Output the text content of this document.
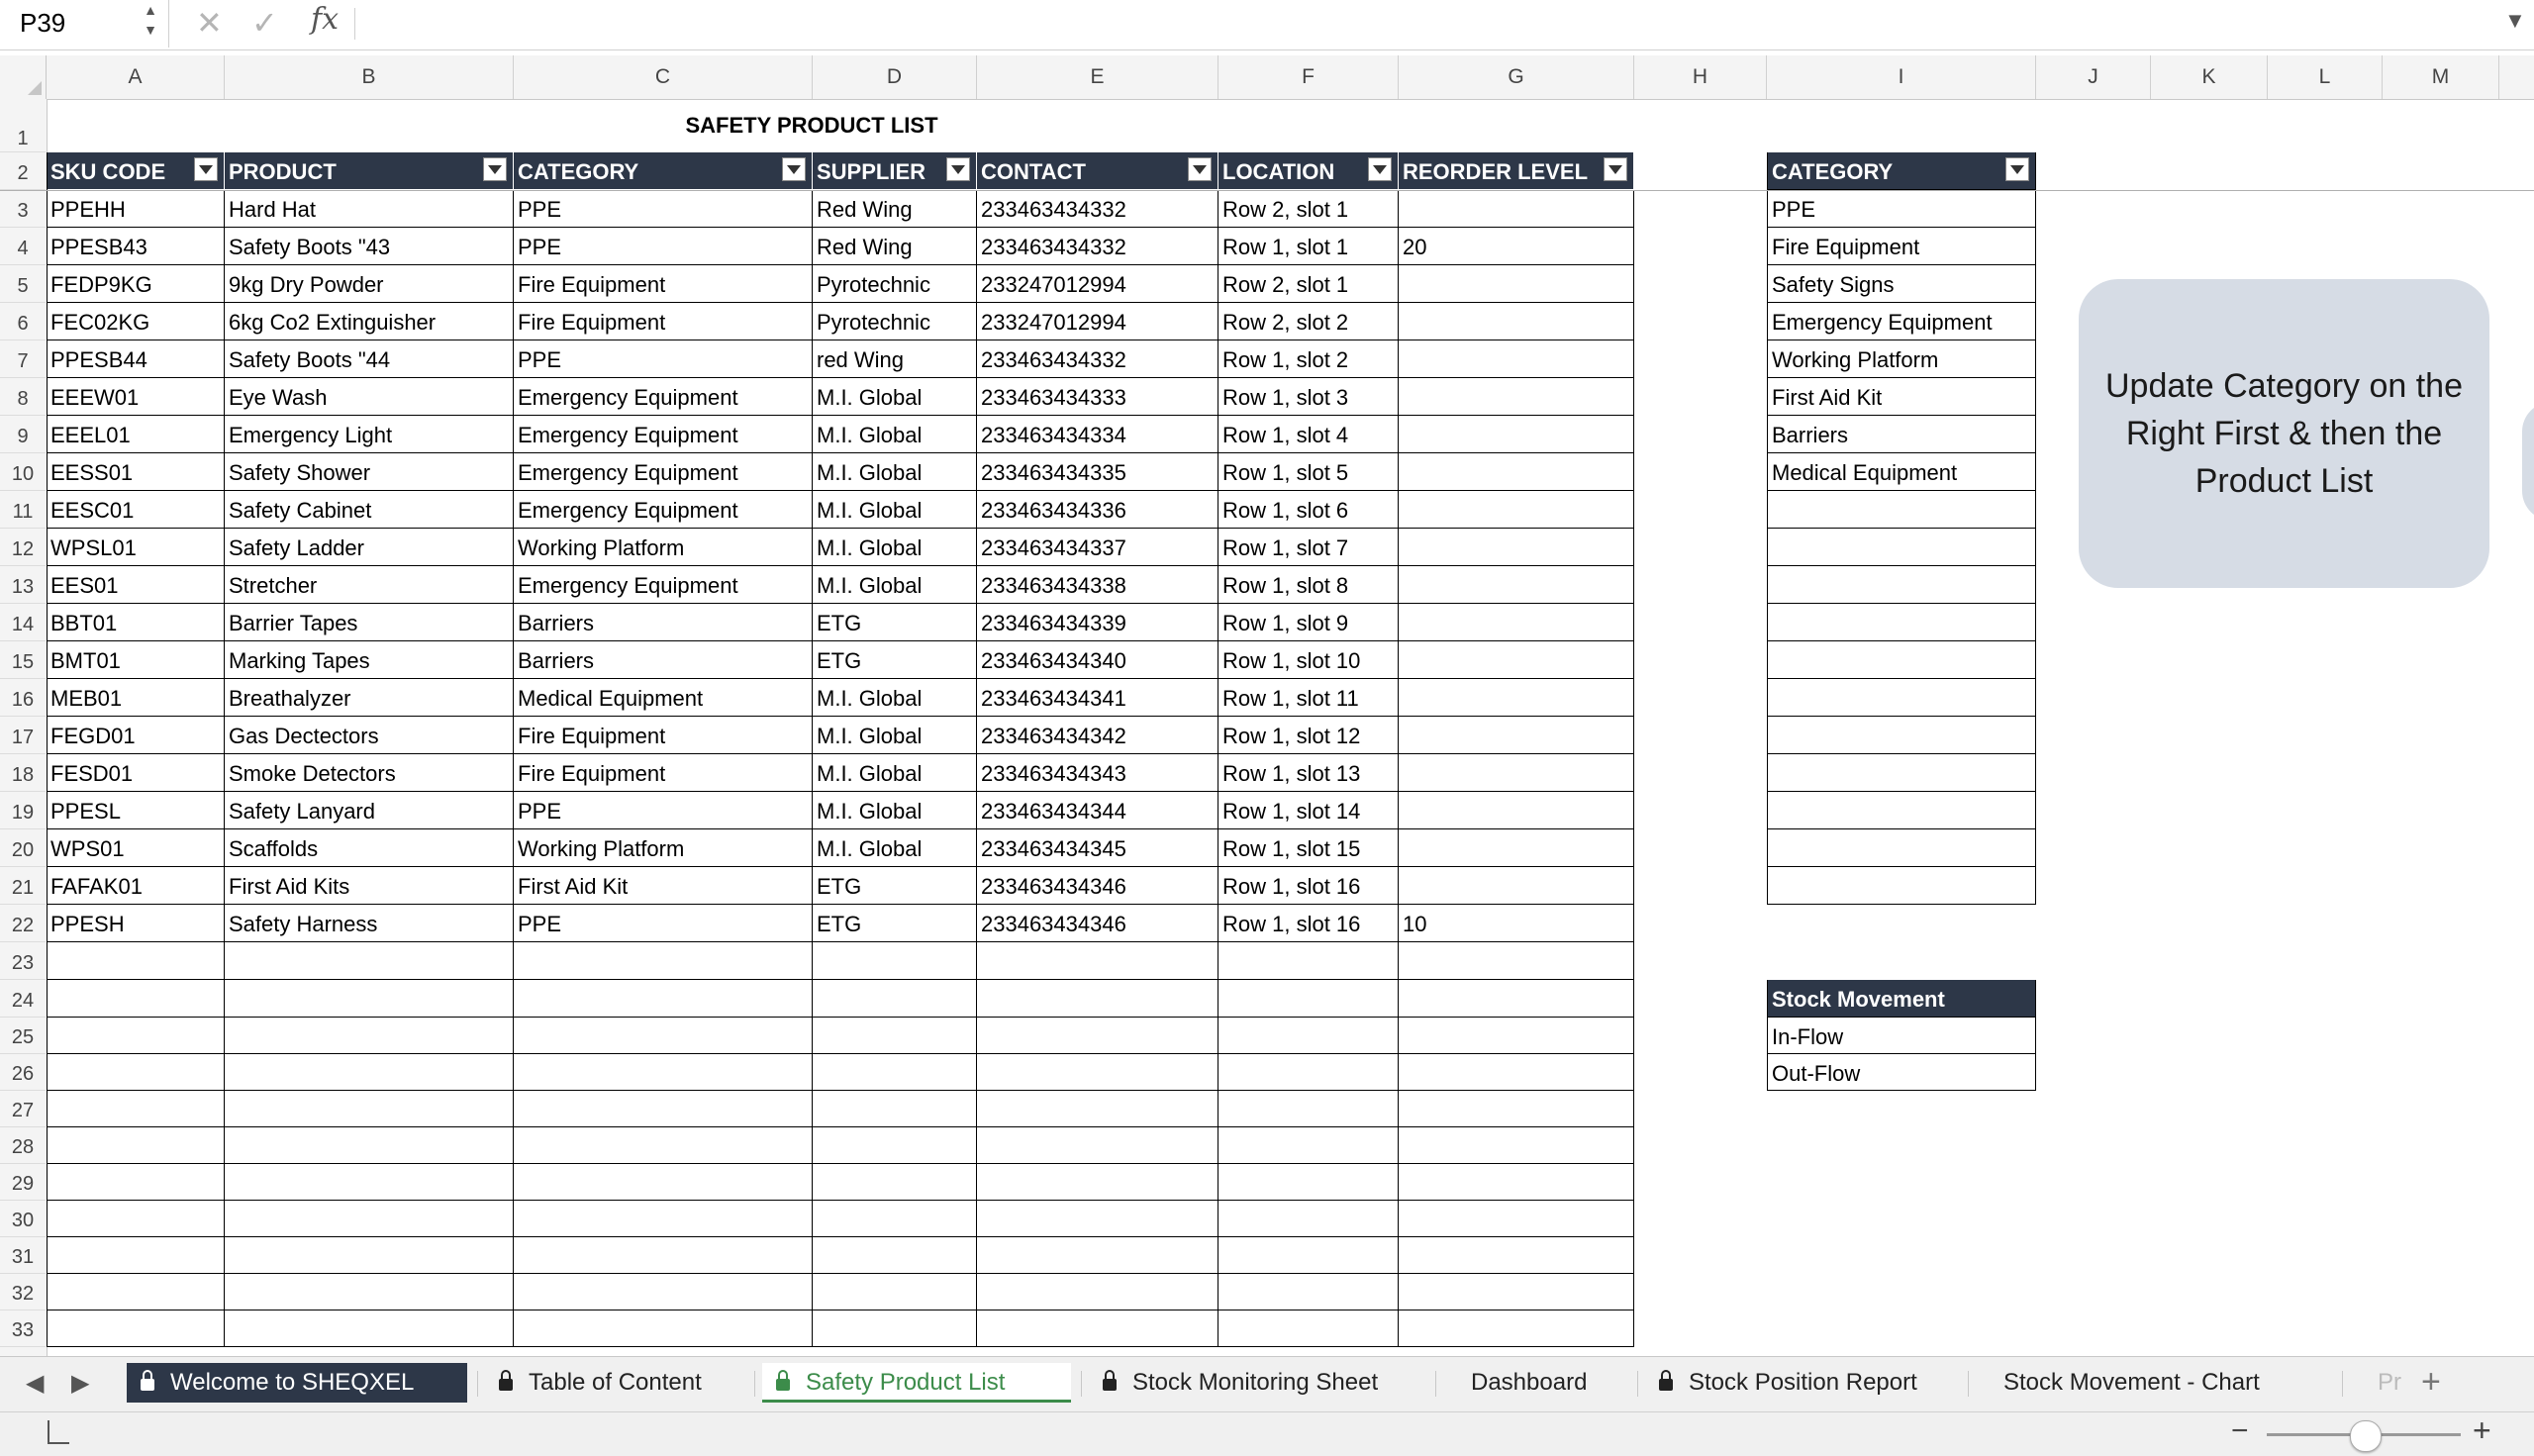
P39	▲
▼ ✕ ✓ fx	▼
A	B	C	D	E	F	G	H	I	J	K	L	M
1
2
3
4
5
6
7
8
9
10
11
12
13
14
15
16
17
18
19
20
21
22
23
24
25
26
27
28
29
30
31
32
33
SAFETY PRODUCT LIST
SKU CODE	PRODUCT	CATEGORY	SUPPLIER	CONTACT	LOCATION	REORDER LEVEL
PPEHH	Hard Hat	PPE	Red Wing	233463434332	Row 2, slot 1
PPESB43	Safety Boots "43	PPE	Red Wing	233463434332	Row 1, slot 1	20
FEDP9KG	9kg Dry Powder	Fire Equipment	Pyrotechnic	233247012994	Row 2, slot 1
FEC02KG	6kg Co2 Extinguisher	Fire Equipment	Pyrotechnic	233247012994	Row 2, slot 2
PPESB44	Safety Boots "44	PPE	red Wing	233463434332	Row 1, slot 2
EEEW01	Eye Wash	Emergency Equipment	M.I. Global	233463434333	Row 1, slot 3
EEEL01	Emergency Light	Emergency Equipment	M.I. Global	233463434334	Row 1, slot 4
EESS01	Safety Shower	Emergency Equipment	M.I. Global	233463434335	Row 1, slot 5
EESC01	Safety Cabinet	Emergency Equipment	M.I. Global	233463434336	Row 1, slot 6
WPSL01	Safety Ladder	Working Platform	M.I. Global	233463434337	Row 1, slot 7
EES01	Stretcher	Emergency Equipment	M.I. Global	233463434338	Row 1, slot 8
BBT01	Barrier Tapes	Barriers	ETG	233463434339	Row 1, slot 9
BMT01	Marking Tapes	Barriers	ETG	233463434340	Row 1, slot 10
MEB01	Breathalyzer	Medical Equipment	M.I. Global	233463434341	Row 1, slot 11
FEGD01	Gas Dectectors	Fire Equipment	M.I. Global	233463434342	Row 1, slot 12
FESD01	Smoke Detectors	Fire Equipment	M.I. Global	233463434343	Row 1, slot 13
PPESL	Safety Lanyard	PPE	M.I. Global	233463434344	Row 1, slot 14
WPS01	Scaffolds	Working Platform	M.I. Global	233463434345	Row 1, slot 15
FAFAK01	First Aid Kits	First Aid Kit	ETG	233463434346	Row 1, slot 16
PPESH	Safety Harness	PPE	ETG	233463434346	Row 1, slot 16	10
CATEGORY
PPE
Fire Equipment
Safety Signs
Emergency Equipment
Working Platform
First Aid Kit
Barriers
Medical Equipment
Stock Movement
In-Flow
Out-Flow
Update Category on the Right First & then the Product List
◀ ▶	Welcome to SHEQXEL	Table of Content	Safety Product List	Stock Monitoring Sheet	Dashboard	Stock Position Report	Stock Movement - Chart	Pr +
−	+
